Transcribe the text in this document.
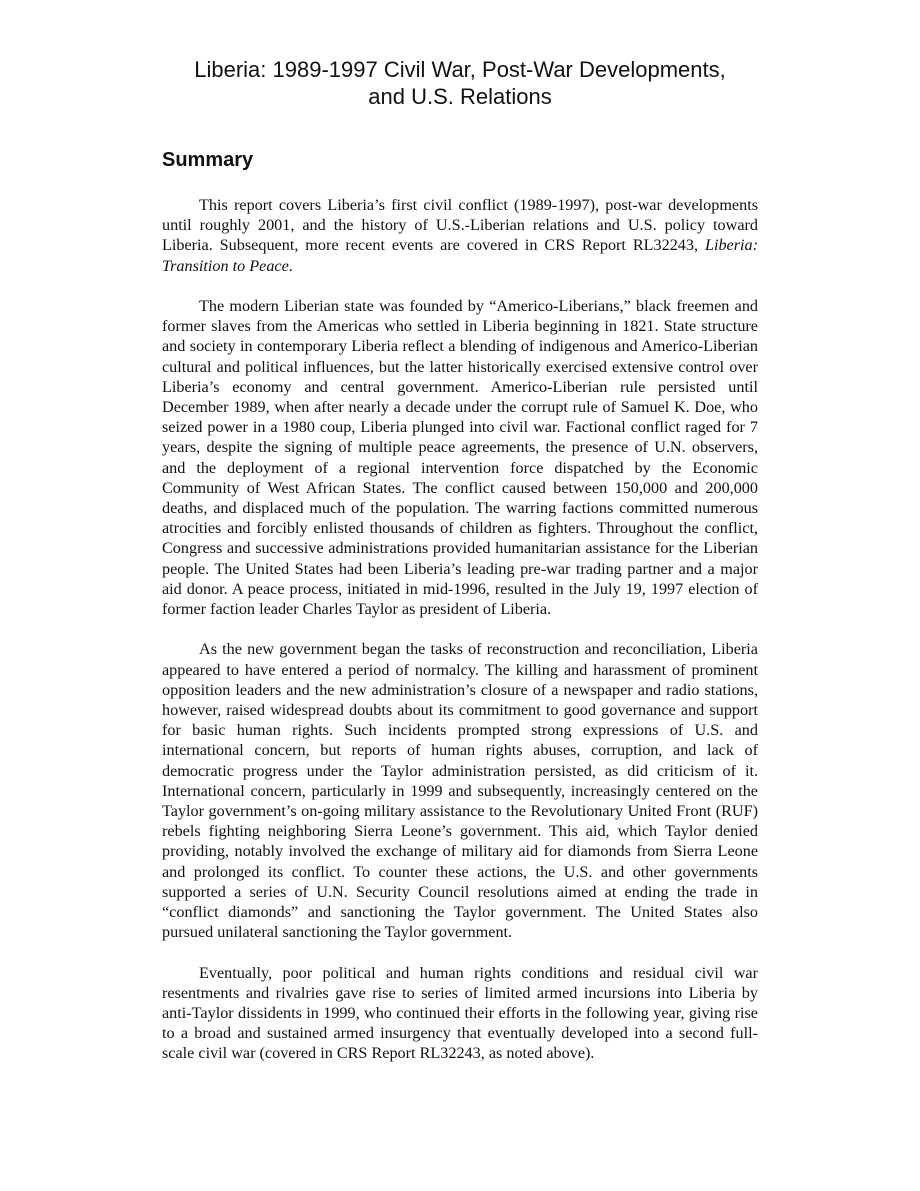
Liberia: 1989-1997 Civil War, Post-War Developments,
and U.S. Relations
Summary

This report covers Liberia’s first civil conflict (1989-1997), post-war developments until roughly 2001, and the history of U.S.-Liberian relations and U.S. policy toward Liberia. Subsequent, more recent events are covered in CRS Report RL32243, Liberia: Transition to Peace.

The modern Liberian state was founded by “Americo-Liberians,” black freemen and former slaves from the Americas who settled in Liberia beginning in 1821. State structure and society in contemporary Liberia reflect a blending of indigenous and Americo-Liberian cultural and political influences, but the latter historically exercised extensive control over Liberia’s economy and central government. Americo-Liberian rule persisted until December 1989, when after nearly a decade under the corrupt rule of Samuel K. Doe, who seized power in a 1980 coup, Liberia plunged into civil war. Factional conflict raged for 7 years, despite the signing of multiple peace agreements, the presence of U.N. observers, and the deployment of a regional intervention force dispatched by the Economic Community of West African States. The conflict caused between 150,000 and 200,000 deaths, and displaced much of the population. The warring factions committed numerous atrocities and forcibly enlisted thousands of children as fighters. Throughout the conflict, Congress and successive administrations provided humanitarian assistance for the Liberian people. The United States had been Liberia’s leading pre-war trading partner and a major aid donor. A peace process, initiated in mid-1996, resulted in the July 19, 1997 election of former faction leader Charles Taylor as president of Liberia.

As the new government began the tasks of reconstruction and reconciliation, Liberia appeared to have entered a period of normalcy. The killing and harassment of prominent opposition leaders and the new administration’s closure of a newspaper and radio stations, however, raised widespread doubts about its commitment to good governance and support for basic human rights. Such incidents prompted strong expressions of U.S. and international concern, but reports of human rights abuses, corruption, and lack of democratic progress under the Taylor administration persisted, as did criticism of it. International concern, particularly in 1999 and subsequently, increasingly centered on the Taylor government’s on-going military assistance to the Revolutionary United Front (RUF) rebels fighting neighboring Sierra Leone’s government. This aid, which Taylor denied providing, notably involved the exchange of military aid for diamonds from Sierra Leone and prolonged its conflict. To counter these actions, the U.S. and other governments supported a series of U.N. Security Council resolutions aimed at ending the trade in “conflict diamonds” and sanctioning the Taylor government. The United States also pursued unilateral sanctioning the Taylor government.

Eventually, poor political and human rights conditions and residual civil war resentments and rivalries gave rise to series of limited armed incursions into Liberia by anti-Taylor dissidents in 1999, who continued their efforts in the following year, giving rise to a broad and sustained armed insurgency that eventually developed into a second full-scale civil war (covered in CRS Report RL32243, as noted above).
